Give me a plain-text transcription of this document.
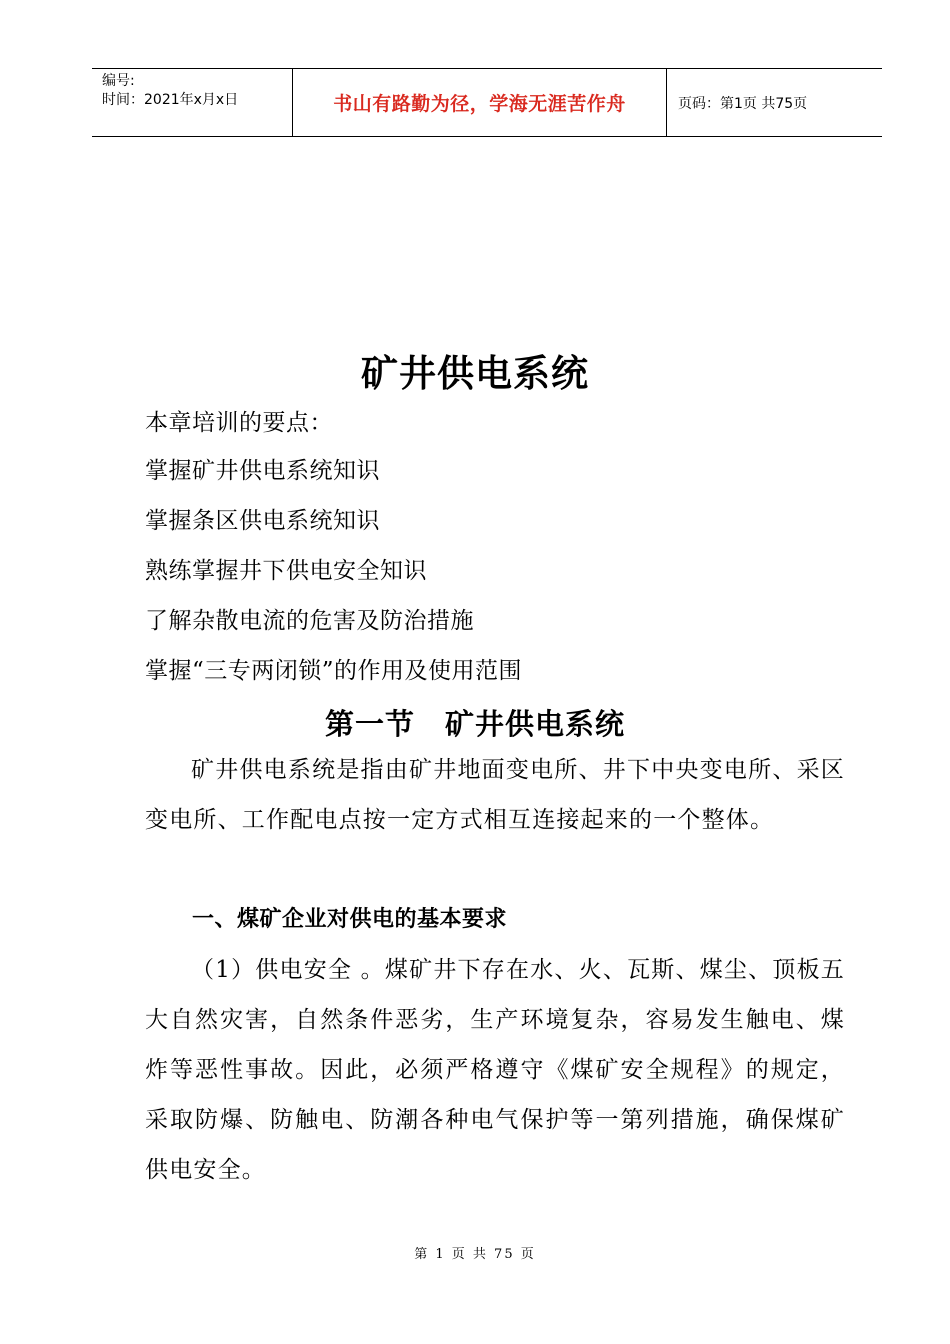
编号:
时间：2021年x月x日	书山有路勤为径，学海无涯苦作舟	页码：第1页 共75页
矿井供电系统
本章培训的要点：
掌握矿井供电系统知识
掌握条区供电系统知识
熟练掌握井下供电安全知识
了解杂散电流的危害及防治措施
掌握“三专两闭锁”的作用及使用范围
第一节　矿井供电系统

矿井供电系统是指由矿井地面变电所、井下中央变电所、采区变电所、工作配电点按一定方式相互连接起来的一个整体。

一、煤矿企业对供电的基本要求

（1）供电安全 。煤矿井下存在水、火、瓦斯、煤尘、顶板五大自然灾害，自然条件恶劣，生产环境复杂，容易发生触电、煤炸等恶性事故。因此，必须严格遵守《煤矿安全规程》的规定，采取防爆、防触电、防潮各种电气保护等一第列措施，确保煤矿供电安全。

第 1 页 共 75 页
